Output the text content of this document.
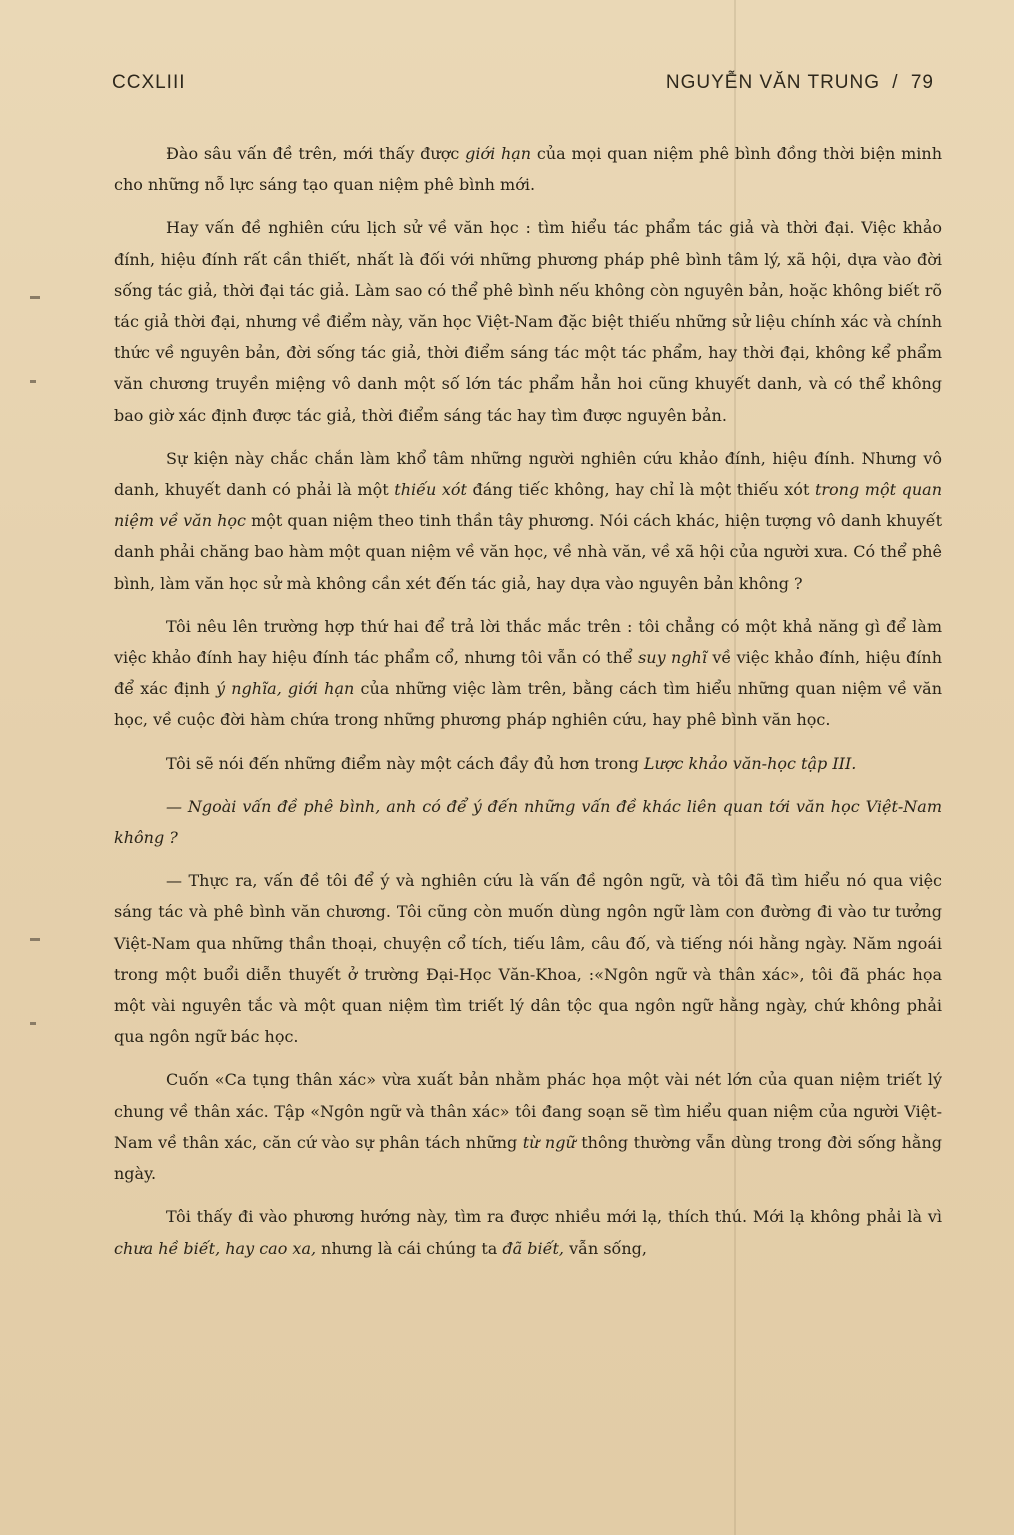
CCXLIII	NGUYỄN VĂN TRUNG / 79

Đào sâu vấn đề trên, mới thấy được giới hạn của mọi quan niệm phê bình đồng thời biện minh cho những nỗ lực sáng tạo quan niệm phê bình mới.

Hay vấn đề nghiên cứu lịch sử về văn học : tìm hiểu tác phẩm tác giả và thời đại. Việc khảo đính, hiệu đính rất cần thiết, nhất là đối với những phương pháp phê bình tâm lý, xã hội, dựa vào đời sống tác giả, thời đại tác giả. Làm sao có thể phê bình nếu không còn nguyên bản, hoặc không biết rõ tác giả thời đại, nhưng về điểm này, văn học Việt-Nam đặc biệt thiếu những sử liệu chính xác và chính thức về nguyên bản, đời sống tác giả, thời điểm sáng tác một tác phẩm, hay thời đại, không kể phẩm văn chương truyền miệng vô danh một số lớn tác phẩm hẳn hoi cũng khuyết danh, và có thể không bao giờ xác định được tác giả, thời điểm sáng tác hay tìm được nguyên bản.

Sự kiện này chắc chắn làm khổ tâm những người nghiên cứu khảo đính, hiệu đính. Nhưng vô danh, khuyết danh có phải là một thiếu xót đáng tiếc không, hay chỉ là một thiếu xót trong một quan niệm về văn học một quan niệm theo tinh thần tây phương. Nói cách khác, hiện tượng vô danh khuyết danh phải chăng bao hàm một quan niệm về văn học, về nhà văn, về xã hội của người xưa. Có thể phê bình, làm văn học sử mà không cần xét đến tác giả, hay dựa vào nguyên bản không ?

Tôi nêu lên trường hợp thứ hai để trả lời thắc mắc trên : tôi chẳng có một khả năng gì để làm việc khảo đính hay hiệu đính tác phẩm cổ, nhưng tôi vẫn có thể suy nghĩ về việc khảo đính, hiệu đính để xác định ý nghĩa, giới hạn của những việc làm trên, bằng cách tìm hiểu những quan niệm về văn học, về cuộc đời hàm chứa trong những phương pháp nghiên cứu, hay phê bình văn học.

Tôi sẽ nói đến những điểm này một cách đầy đủ hơn trong Lược khảo văn-học tập III.

— Ngoài vấn đề phê bình, anh có để ý đến những vấn đề khác liên quan tới văn học Việt-Nam không ?

— Thực ra, vấn đề tôi để ý và nghiên cứu là vấn đề ngôn ngữ, và tôi đã tìm hiểu nó qua việc sáng tác và phê bình văn chương. Tôi cũng còn muốn dùng ngôn ngữ làm con đường đi vào tư tưởng Việt-Nam qua những thần thoại, chuyện cổ tích, tiếu lâm, câu đố, và tiếng nói hằng ngày. Năm ngoái trong một buổi diễn thuyết ở trường Đại-Học Văn-Khoa, :«Ngôn ngữ và thân xác», tôi đã phác họa một vài nguyên tắc và một quan niệm tìm triết lý dân tộc qua ngôn ngữ hằng ngày, chứ không phải qua ngôn ngữ bác học.

Cuốn «Ca tụng thân xác» vừa xuất bản nhằm phác họa một vài nét lớn của quan niệm triết lý chung về thân xác. Tập «Ngôn ngữ và thân xác» tôi đang soạn sẽ tìm hiểu quan niệm của người Việt-Nam về thân xác, căn cứ vào sự phân tách những từ ngữ thông thường vẫn dùng trong đời sống hằng ngày.

Tôi thấy đi vào phương hướng này, tìm ra được nhiều mới lạ, thích thú. Mới lạ không phải là vì chưa hề biết, hay cao xa, nhưng là cái chúng ta đã biết, vẫn sống,
